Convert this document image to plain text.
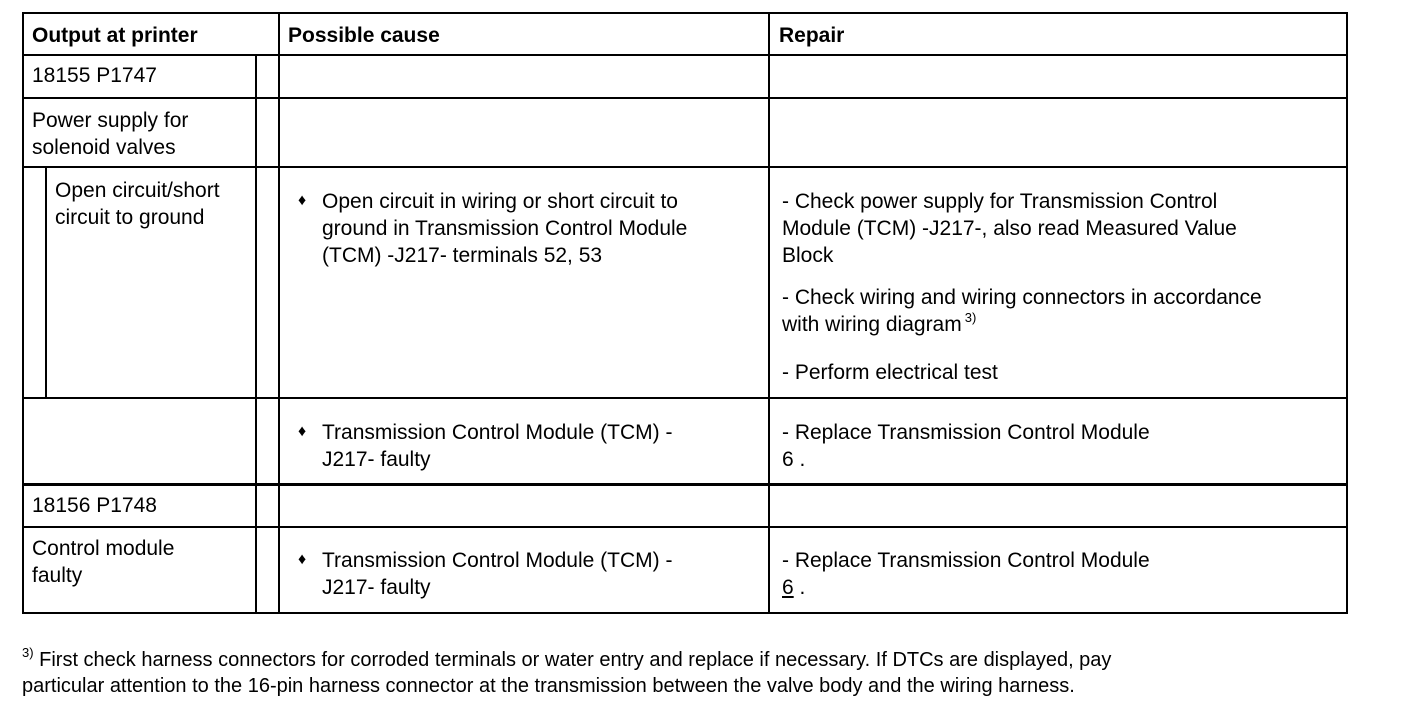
Output at printer	Possible cause	Repair
18155 P1747
Power supply for
solenoid valves
Open circuit/short
circuit to ground
♦ Open circuit in wiring or short circuit to
ground in Transmission Control Module
(TCM) -J217- terminals 52, 53
- Check power supply for Transmission Control
Module (TCM) -J217-, also read Measured Value
Block
- Check wiring and wiring connectors in accordance
with wiring diagram $^{3)}$
- Perform electrical test
♦ Transmission Control Module (TCM) -
J217- faulty
- Replace Transmission Control Module
6 .
18156 P1748
Control module
faulty
♦ Transmission Control Module (TCM) -
J217- faulty
- Replace Transmission Control Module
6 .
$^{3)}$ First check harness connectors for corroded terminals or water entry and replace if necessary. If DTCs are displayed, pay
particular attention to the 16-pin harness connector at the transmission between the valve body and the wiring harness.
